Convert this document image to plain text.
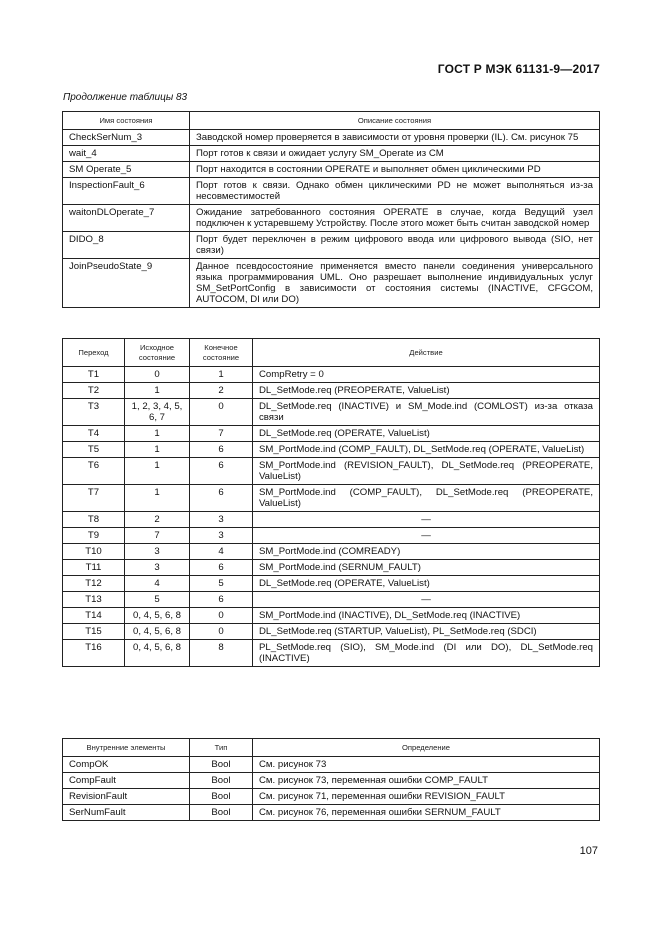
ГОСТ Р МЭК 61131-9—2017
Продолжение таблицы 83
Имя состояния	Описание состояния
CheckSerNum_3	Заводской номер проверяется в зависимости от уровня проверки (IL). См. рисунок 75
wait_4	Порт готов к связи и ожидает услугу SM_Operate из CM
SM Operate_5	Порт находится в состоянии OPERATE и выполняет обмен циклическими PD
InspectionFault_6	Порт готов к связи. Однако обмен циклическими PD не может выполняться из-за несовместимостей
waitonDLOperate_7	Ожидание затребованного состояния OPERATE в случае, когда Ведущий узел подключен к устаревшему Устройству. После этого может быть считан заводской номер
DIDO_8	Порт будет переключен в режим цифрового ввода или цифрового вывода (SIO, нет связи)
JoinPseudoState_9	Данное псевдосостояние применяется вместо панели соединения универсального языка программирования UML. Оно разрешает выполнение индивидуальных услуг SM_SetPortConfig в зависимости от состояния системы (INACTIVE, CFGCOM, AUTOCOM, DI или DO)
Переход	Исходное состояние	Конечное состояние	Действие
T1	0	1	CompRetry = 0
T2	1	2	DL_SetMode.req (PREOPERATE, ValueList)
T3	1, 2, 3, 4, 5, 6, 7	0	DL_SetMode.req (INACTIVE) и SM_Mode.ind (COMLOST) из-за отказа связи
T4	1	7	DL_SetMode.req (OPERATE, ValueList)
T5	1	6	SM_PortMode.ind (COMP_FAULT), DL_SetMode.req (OPERATE, ValueList)
T6	1	6	SM_PortMode.ind (REVISION_FAULT), DL_SetMode.req (PREOPERATE, ValueList)
T7	1	6	SM_PortMode.ind (COMP_FAULT), DL_SetMode.req (PREOPERATE, ValueList)
T8	2	3	—
T9	7	3	—
T10	3	4	SM_PortMode.ind (COMREADY)
T11	3	6	SM_PortMode.ind (SERNUM_FAULT)
T12	4	5	DL_SetMode.req (OPERATE, ValueList)
T13	5	6	—
T14	0, 4, 5, 6, 8	0	SM_PortMode.ind (INACTIVE), DL_SetMode.req (INACTIVE)
T15	0, 4, 5, 6, 8	0	DL_SetMode.req (STARTUP, ValueList), PL_SetMode.req (SDCI)
T16	0, 4, 5, 6, 8	8	PL_SetMode.req (SIO), SM_Mode.ind (DI или DO), DL_SetMode.req (INACTIVE)
Внутренние элементы	Тип	Определение
CompOK	Bool	См. рисунок 73
CompFault	Bool	См. рисунок 73, переменная ошибки COMP_FAULT
RevisionFault	Bool	См. рисунок 71, переменная ошибки REVISION_FAULT
SerNumFault	Bool	См. рисунок 76, переменная ошибки SERNUM_FAULT
107
